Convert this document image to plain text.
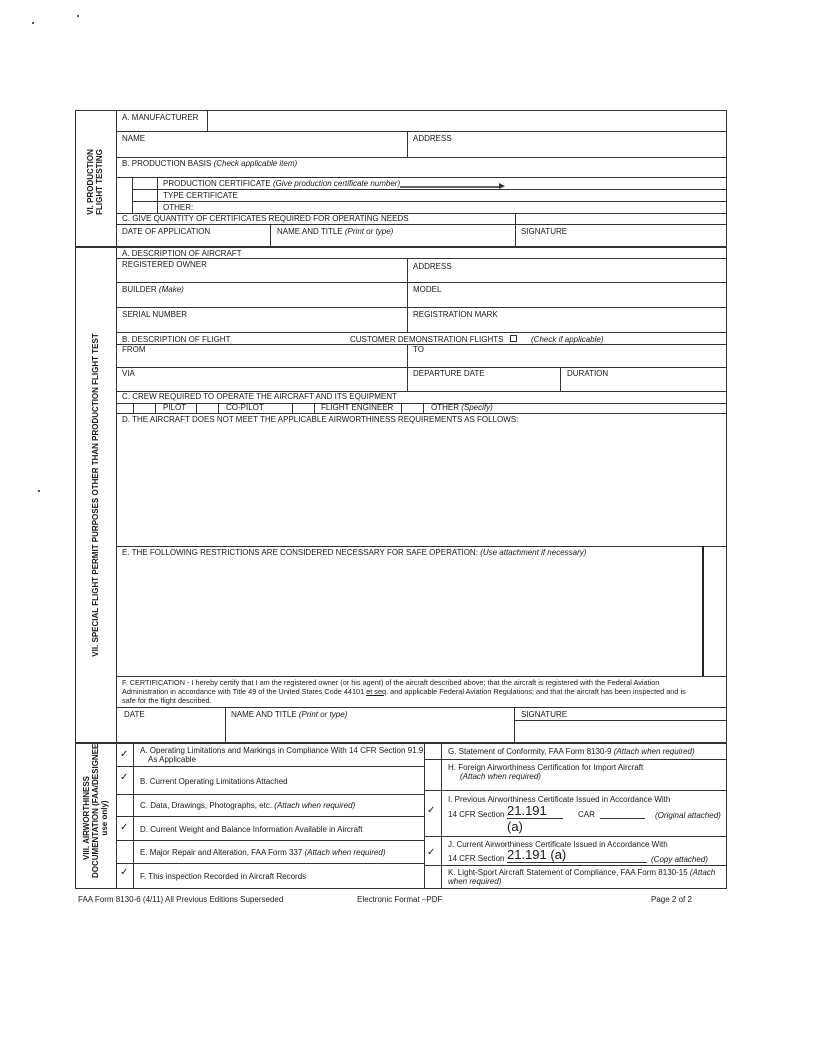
VI. PRODUCTION FLIGHT TESTING
A. MANUFACTURER
NAME	ADDRESS
B. PRODUCTION BASIS (Check applicable item)
PRODUCTION CERTIFICATE (Give production certificate number)
TYPE CERTIFICATE
OTHER:
C. GIVE QUANTITY OF CERTIFICATES REQUIRED FOR OPERATING NEEDS
DATE OF APPLICATION	NAME AND TITLE (Print or type)	SIGNATURE
VII. SPECIAL FLIGHT PERMIT PURPOSES OTHER THAN PRODUCTION FLIGHT TEST
A. DESCRIPTION OF AIRCRAFT
REGISTERED OWNER	ADDRESS
BUILDER (Make)	MODEL
SERIAL NUMBER	REGISTRATION MARK
B. DESCRIPTION OF FLIGHT	CUSTOMER DEMONSTRATION FLIGHTS	(Check if applicable)
FROM	TO
VIA	DEPARTURE DATE	DURATION
C. CREW REQUIRED TO OPERATE THE AIRCRAFT AND ITS EQUIPMENT
PILOT	CO-PILOT	FLIGHT ENGINEER	OTHER (Specify)
D. THE AIRCRAFT DOES NOT MEET THE APPLICABLE AIRWORTHINESS REQUIREMENTS AS FOLLOWS:
E. THE FOLLOWING RESTRICTIONS ARE CONSIDERED NECESSARY FOR SAFE OPERATION: (Use attachment if necessary)
F. CERTIFICATION - I hereby certify that I am the registered owner (or his agent) of the aircraft described above; that the aircraft is registered with the Federal Aviation
Administration in accordance with Title 49 of the United States Code 44101 et seq. and applicable Federal Aviation Regulations; and that the aircraft has been inspected and is
safe for the flight described.
DATE	NAME AND TITLE (Print or type)	SIGNATURE
VIII. AIRWORTHINESS DOCUMENTATION (FAA/DESIGNEE use only)
✓ A. Operating Limitations and Markings in Compliance With 14 CFR Section 91.9,
As Applicable
✓ B. Current Operating Limitations Attached
C. Data, Drawings, Photographs, etc. (Attach when required)
✓ D. Current Weight and Balance Information Available in Aircraft
E. Major Repair and Alteration, FAA Form 337 (Attach when required)
✓ F. This inspection Recorded in Aircraft Records
G. Statement of Conformity, FAA Form 8130-9 (Attach when required)
H. Foreign Airworthiness Certification for Import Aircraft
(Attach when required)
✓
I. Previous Airworthiness Certificate Issued in Accordance With
14 CFR Section 21.191 (a)
CAR	(Original attached)
✓
J. Current Airworthiness Certificate Issued in Accordance With
14 CFR Section 21.191 (a)	(Copy attached)
K. Light-Sport Aircraft Statement of Compliance, FAA Form 8130-15 (Attach
when required)
FAA Form 8130-6 (4/11) All Previous Editions Superseded	Electronic Format –PDF	Page 2 of 2
